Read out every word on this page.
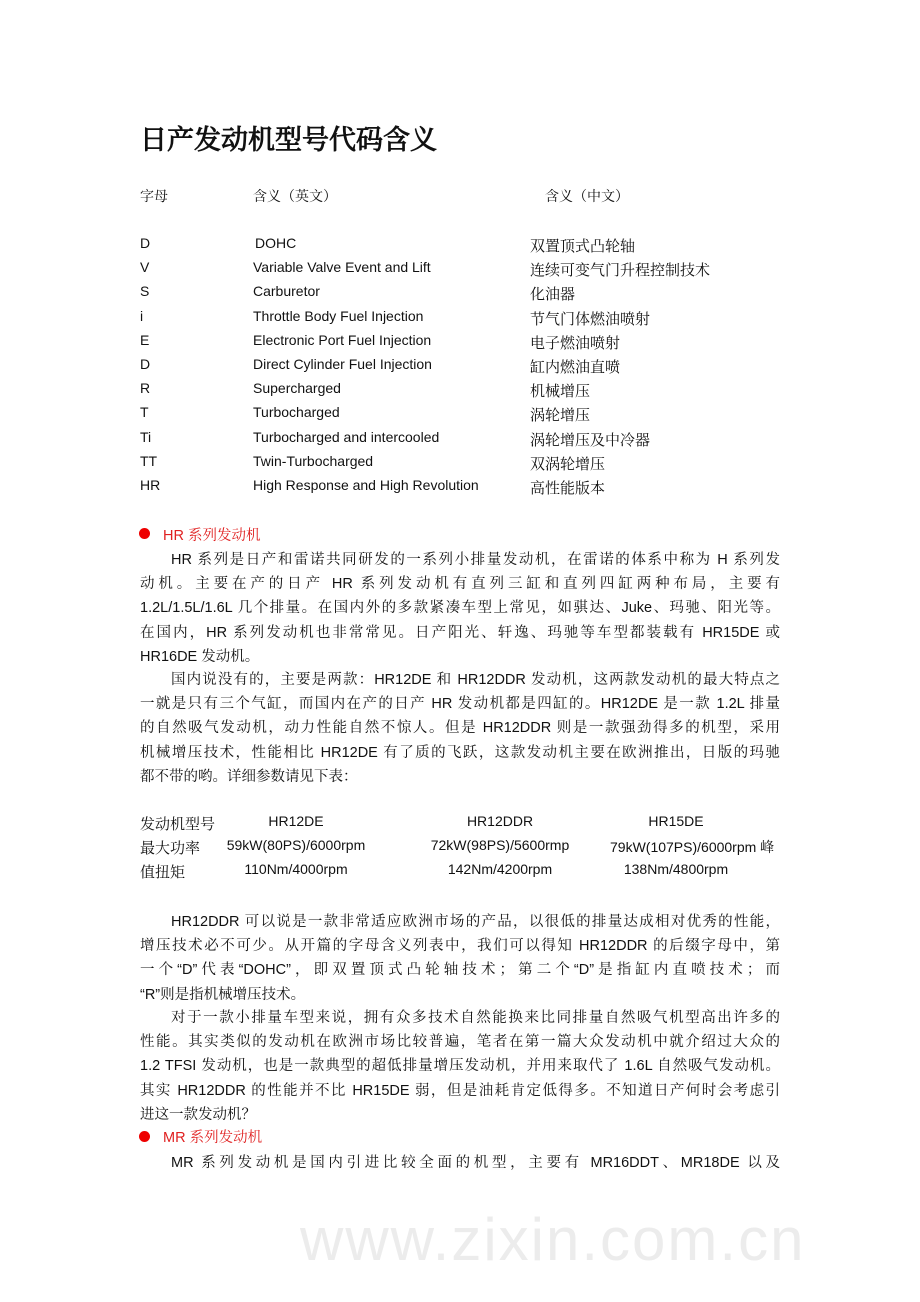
www.zixin.com.cn
日产发动机型号代码含义
字母	含义（英文）	含义（中文）
D	DOHC	双置顶式凸轮轴
V	Variable Valve Event and Lift	连续可变气门升程控制技术
S	Carburetor	化油器
i	Throttle Body Fuel Injection	节气门体燃油喷射
E	Electronic Port Fuel Injection	电子燃油喷射
D	Direct Cylinder Fuel Injection	缸内燃油直喷
R	Supercharged	机械增压
T	Turbocharged	涡轮增压
Ti	Turbocharged and intercooled	涡轮增压及中冷器
TT	Twin-Turbocharged	双涡轮增压
HR	High Response and High Revolution	高性能版本
HR 系列发动机
HR 系列是日产和雷诺共同研发的一系列小排量发动机，在雷诺的体系中称为 H 系列发
动机。主要在产的日产 HR 系列发动机有直列三缸和直列四缸两种布局，主要有
1.2L/1.5L/1.6L 几个排量。在国内外的多款紧凑车型上常见，如骐达、Juke、玛驰、阳光等。
在国内，HR 系列发动机也非常常见。日产阳光、轩逸、玛驰等车型都装载有 HR15DE 或
HR16DE 发动机。
国内说没有的，主要是两款：HR12DE 和 HR12DDR 发动机，这两款发动机的最大特点之
一就是只有三个气缸，而国内在产的日产 HR 发动机都是四缸的。HR12DE 是一款 1.2L 排量
的自然吸气发动机，动力性能自然不惊人。但是 HR12DDR 则是一款强劲得多的机型，采用
机械增压技术，性能相比 HR12DE 有了质的飞跃，这款发动机主要在欧洲推出，日版的玛驰
都不带的哟。详细参数请见下表：
HR12DDR 可以说是一款非常适应欧洲市场的产品，以很低的排量达成相对优秀的性能，
增压技术必不可少。从开篇的字母含义列表中，我们可以得知 HR12DDR 的后缀字母中，第
一个“D”代表“DOHC”，即双置顶式凸轮轴技术；第二个“D”是指缸内直喷技术；而
“R”则是指机械增压技术。
对于一款小排量车型来说，拥有众多技术自然能换来比同排量自然吸气机型高出许多的
性能。其实类似的发动机在欧洲市场比较普遍，笔者在第一篇大众发动机中就介绍过大众的
1.2 TFSI 发动机，也是一款典型的超低排量增压发动机，并用来取代了 1.6L 自然吸气发动机。
其实 HR12DDR 的性能并不比 HR15DE 弱，但是油耗肯定低得多。不知道日产何时会考虑引
进这一款发动机？
MR 系列发动机是国内引进比较全面的机型，主要有 MR16DDT、MR18DE 以及
发动机型号	HR12DE	HR12DDR	HR15DE
最大功率	59kW(80PS)/6000rpm	72kW(98PS)/5600rmp	79kW(107PS)/6000rpm 峰
值扭矩	110Nm/4000rpm	142Nm/4200rpm	138Nm/4800rpm
MR 系列发动机
